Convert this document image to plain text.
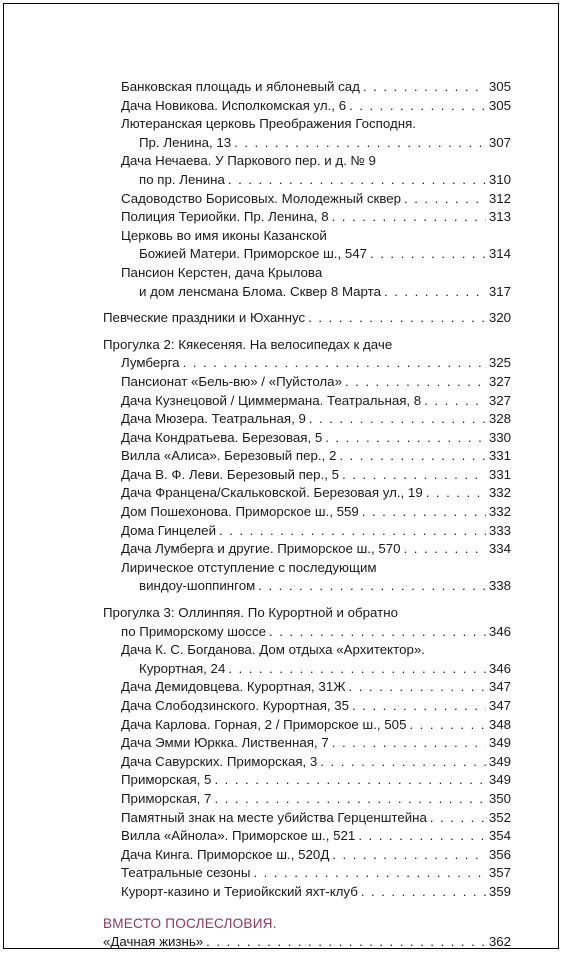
Банковская площадь и яблоневый сад . . .	305
Дача Новикова. Исполкомская ул., 6 . . .	305
Лютеранская церковь Преображения Господня.
Пр. Ленина, 13 . . .	307
Дача Нечаева. У Паркового пер. и д. № 9
по пр. Ленина . . .	310
Садоводство Борисовых. Молодежный сквер . . .	312
Полиция Териойки. Пр. Ленина, 8 . . .	313
Церковь во имя иконы Казанской
Божией Матери. Приморское ш., 547 . . .	314
Пансион Керстен, дача Крылова
и дом ленсмана Блома. Сквер 8 Марта . . .	317
Певческие праздники и Юханнус . . .	320
Прогулка 2: Кякесеняя. На велосипедах к даче
Лумберга . . .	325
Пансионат «Бель-вю» / «Пуйстола» . . .	327
Дача Кузнецовой / Циммермана. Театральная, 8 . . .	327
Дача Мюзера. Театральная, 9 . . .	328
Дача Кондратьева. Березовая, 5 . . .	330
Вилла «Алиса». Березовый пер., 2 . . .	331
Дача В. Ф. Леви. Березовый пер., 5 . . .	331
Дача Францена/Скальковской. Березовая ул., 19 . . .	332
Дом Пошехонова. Приморское ш., 559 . . .	332
Дома Гинцелей . . .	333
Дача Лумберга и другие. Приморское ш., 570 . . .	334
Лирическое отступление с последующим
виндоу-шоппингом . . .	338
Прогулка 3: Оллинпяя. По Курортной и обратно
по Приморскому шоссе . . .	346
Дача К. С. Богданова. Дом отдыха «Архитектор».
Курортная, 24 . . .	346
Дача Демидовцева. Курортная, 31Ж . . .	347
Дача Слободзинского. Курортная, 35 . . .	347
Дача Карлова. Горная, 2 / Приморское ш., 505 . . .	348
Дача Эмми Юркка. Лиственная, 7 . . .	349
Дача Савурских. Приморская, 3 . . .	349
Приморская, 5 . . .	349
Приморская, 7 . . .	350
Памятный знак на месте убийства Герценштейна . . .	352
Вилла «Айнола». Приморское ш., 521 . . .	354
Дача Кинга. Приморское ш., 520Д . . .	356
Театральные сезоны . . .	357
Курорт-казино и Териойкский яхт-клуб . . .	359
ВМЕСТО ПОСЛЕСЛОВИЯ.
«Дачная жизнь» . . .	362
